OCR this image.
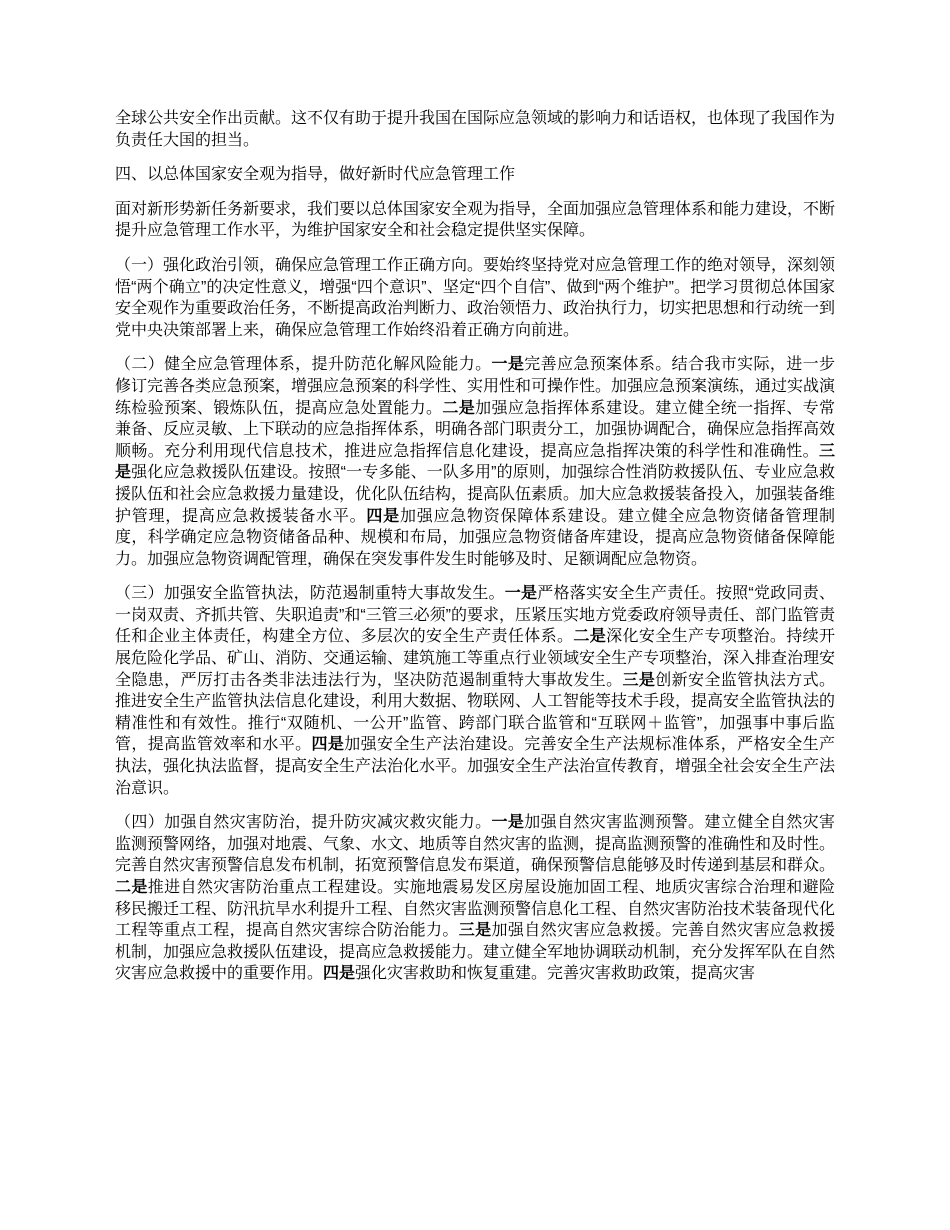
全球公共安全作出贡献。这不仅有助于提升我国在国际应急领域的影响力和话语权，也体现了我国作为负责任大国的担当。

四、以总体国家安全观为指导，做好新时代应急管理工作

面对新形势新任务新要求，我们要以总体国家安全观为指导，全面加强应急管理体系和能力建设，不断提升应急管理工作水平，为维护国家安全和社会稳定提供坚实保障。

（一）强化政治引领，确保应急管理工作正确方向。要始终坚持党对应急管理工作的绝对领导，深刻领悟“两个确立”的决定性意义，增强“四个意识”、坚定“四个自信”、做到“两个维护”。把学习贯彻总体国家安全观作为重要政治任务，不断提高政治判断力、政治领悟力、政治执行力，切实把思想和行动统一到党中央决策部署上来，确保应急管理工作始终沿着正确方向前进。

（二）健全应急管理体系，提升防范化解风险能力。一是完善应急预案体系。结合我市实际，进一步修订完善各类应急预案，增强应急预案的科学性、实用性和可操作性。加强应急预案演练，通过实战演练检验预案、锻炼队伍，提高应急处置能力。二是加强应急指挥体系建设。建立健全统一指挥、专常兼备、反应灵敏、上下联动的应急指挥体系，明确各部门职责分工，加强协调配合，确保应急指挥高效顺畅。充分利用现代信息技术，推进应急指挥信息化建设，提高应急指挥决策的科学性和准确性。三是强化应急救援队伍建设。按照“一专多能、一队多用”的原则，加强综合性消防救援队伍、专业应急救援队伍和社会应急救援力量建设，优化队伍结构，提高队伍素质。加大应急救援装备投入，加强装备维护管理，提高应急救援装备水平。四是加强应急物资保障体系建设。建立健全应急物资储备管理制度，科学确定应急物资储备品种、规模和布局，加强应急物资储备库建设，提高应急物资储备保障能力。加强应急物资调配管理，确保在突发事件发生时能够及时、足额调配应急物资。

（三）加强安全监管执法，防范遏制重特大事故发生。一是严格落实安全生产责任。按照“党政同责、一岗双责、齐抓共管、失职追责”和“三管三必须”的要求，压紧压实地方党委政府领导责任、部门监管责任和企业主体责任，构建全方位、多层次的安全生产责任体系。二是深化安全生产专项整治。持续开展危险化学品、矿山、消防、交通运输、建筑施工等重点行业领域安全生产专项整治，深入排查治理安全隐患，严厉打击各类非法违法行为，坚决防范遏制重特大事故发生。三是创新安全监管执法方式。推进安全生产监管执法信息化建设，利用大数据、物联网、人工智能等技术手段，提高安全监管执法的精准性和有效性。推行“双随机、一公开”监管、跨部门联合监管和“互联网＋监管”，加强事中事后监管，提高监管效率和水平。四是加强安全生产法治建设。完善安全生产法规标准体系，严格安全生产执法，强化执法监督，提高安全生产法治化水平。加强安全生产法治宣传教育，增强全社会安全生产法治意识。

（四）加强自然灾害防治，提升防灾减灾救灾能力。一是加强自然灾害监测预警。建立健全自然灾害监测预警网络，加强对地震、气象、水文、地质等自然灾害的监测，提高监测预警的准确性和及时性。完善自然灾害预警信息发布机制，拓宽预警信息发布渠道，确保预警信息能够及时传递到基层和群众。二是推进自然灾害防治重点工程建设。实施地震易发区房屋设施加固工程、地质灾害综合治理和避险移民搬迁工程、防汛抗旱水利提升工程、自然灾害监测预警信息化工程、自然灾害防治技术装备现代化工程等重点工程，提高自然灾害综合防治能力。三是加强自然灾害应急救援。完善自然灾害应急救援机制，加强应急救援队伍建设，提高应急救援能力。建立健全军地协调联动机制，充分发挥军队在自然灾害应急救援中的重要作用。四是强化灾害救助和恢复重建。完善灾害救助政策，提高灾害
